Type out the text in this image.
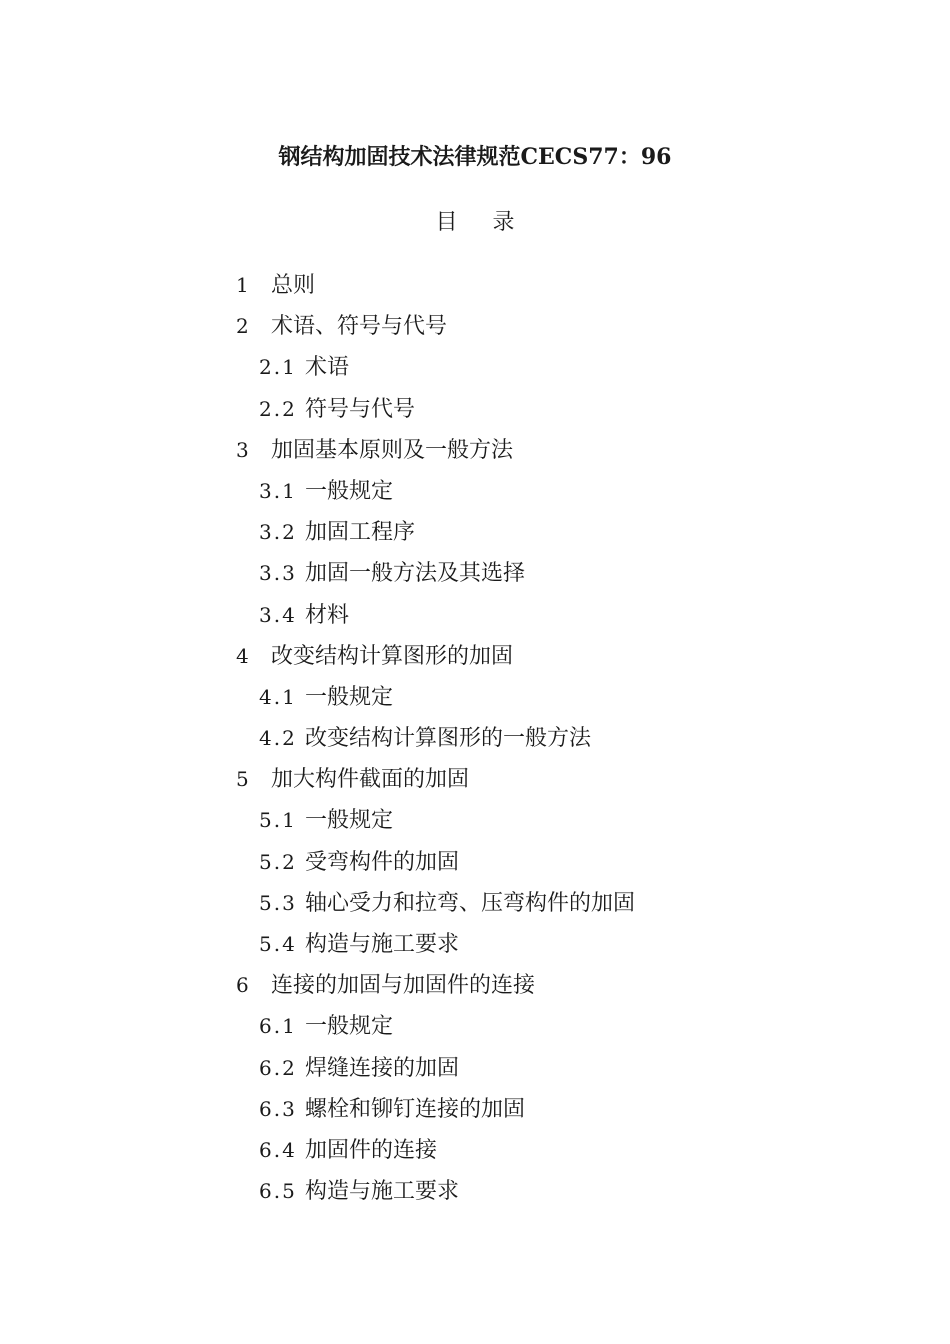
钢结构加固技术法律规范CECS77：96
目 录
1 总则
2 术语、符号与代号
2.1 术语
2.2 符号与代号
3 加固基本原则及一般方法
3.1 一般规定
3.2 加固工程序
3.3 加固一般方法及其选择
3.4 材料
4 改变结构计算图形的加固
4.1 一般规定
4.2 改变结构计算图形的一般方法
5 加大构件截面的加固
5.1 一般规定
5.2 受弯构件的加固
5.3 轴心受力和拉弯、压弯构件的加固
5.4 构造与施工要求
6 连接的加固与加固件的连接
6.1 一般规定
6.2 焊缝连接的加固
6.3 螺栓和铆钉连接的加固
6.4 加固件的连接
6.5 构造与施工要求
